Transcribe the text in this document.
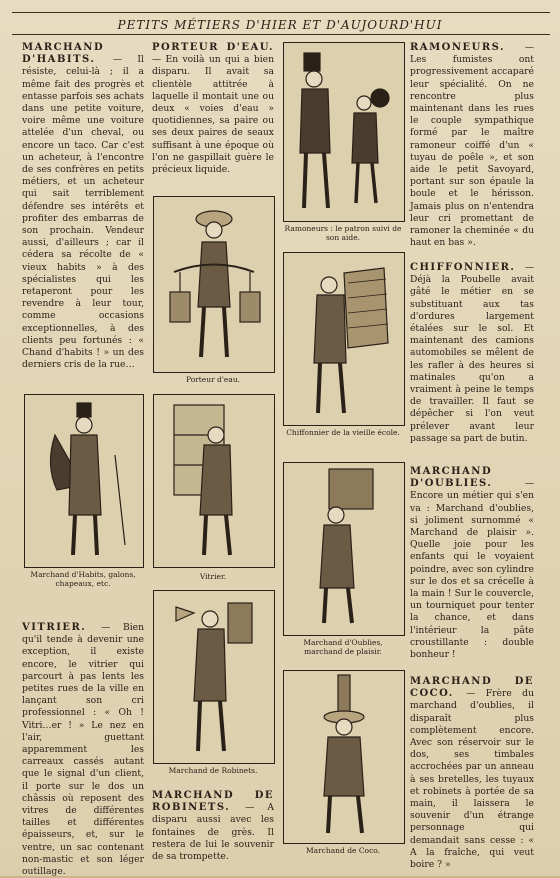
PETITS MÉTIERS D'HIER ET D'AUJOURD'HUI
MARCHAND D'HABITS. — Il résiste, celui-là ; il a même fait des progrès et entasse parfois ses achats dans une petite voiture, voire même une voiture attelée d'un cheval, ou encore un taco. Car c'est un acheteur, à l'encontre de ses confrères en petits métiers, et un acheteur qui sait terriblement défendre ses intérêts et profiter des embarras de son prochain. Vendeur aussi, d'ailleurs ; car il cédera sa récolte de « vieux habits » à des spécialistes qui les retaperont pour les revendre à leur tour, comme occasions exceptionnelles, à des clients peu fortunés : « Chand d'habits ! » un des derniers cris de la rue…
PORTEUR D'EAU. — En voilà un qui a bien disparu. Il avait sa clientèle attitrée à laquelle il montait une ou deux « voies d'eau » quotidiennes, sa paire ou ses deux paires de seaux suffisant à une époque où l'on ne gaspillait guère le précieux liquide.
Porteur d'eau.
Ramoneurs : le patron suivi de son aide.
RAMONEURS. — Les fumistes ont progressivement accaparé leur spécialité. On ne rencontre plus maintenant dans les rues le couple sympathique formé par le maître ramoneur coiffé d'un « tuyau de poêle », et son aide le petit Savoyard, portant sur son épaule la boule et le hérisson. Jamais plus on n'entendra leur cri promettant de ramoner la cheminée « du haut en bas ».
Chiffonnier de la vieille école.
CHIFFONNIER. — Déjà la Poubelle avait gâté le métier en se substituant aux tas d'ordures largement étalées sur le sol. Et maintenant des camions automobiles se mêlent de les rafler à des heures si matinales qu'on a vraiment à peine le temps de travailler. Il faut se dépêcher si l'on veut prélever avant leur passage sa part de butin.
Marchand d'Habits, galons, chapeaux, etc.
Vitrier.
MARCHAND D'OUBLIES. — Encore un métier qui s'en va : Marchand d'oublies, si joliment surnommé « Marchand de plaisir ». Quelle joie pour les enfants qui le voyaient poindre, avec son cylindre sur le dos et sa crécelle à la main ! Sur le couvercle, un tourniquet pour tenter la chance, et dans l'intérieur la pâte croustillante : double bonheur !
Marchand d'Oublies, marchand de plaisir.
VITRIER. — Bien qu'il tende à devenir une exception, il existe encore, le vitrier qui parcourt à pas lents les petites rues de la ville en lançant son cri professionnel : « Oh ! Vitri…er ! » Le nez en l'air, guettant apparemment les carreaux cassés autant que le signal d'un client, il porte sur le dos un châssis où reposent des vitres de différentes tailles et différentes épaisseurs, et, sur le ventre, un sac contenant non-mastic et son léger outillage.
Marchand de Robinets.
MARCHAND DE ROBINETS. — A disparu aussi avec les fontaines de grès. Il restera de lui le souvenir de sa trompette.
Marchand de Coco.
MARCHAND DE COCO. — Frère du marchand d'oublies, il disparaît plus complètement encore. Avec son réservoir sur le dos, ses timbales accrochées par un anneau à ses bretelles, les tuyaux et robinets à portée de sa main, il laissera le souvenir d'un étrange personnage qui demandait sans cesse : « A la fraîche, qui veut boire ? »
